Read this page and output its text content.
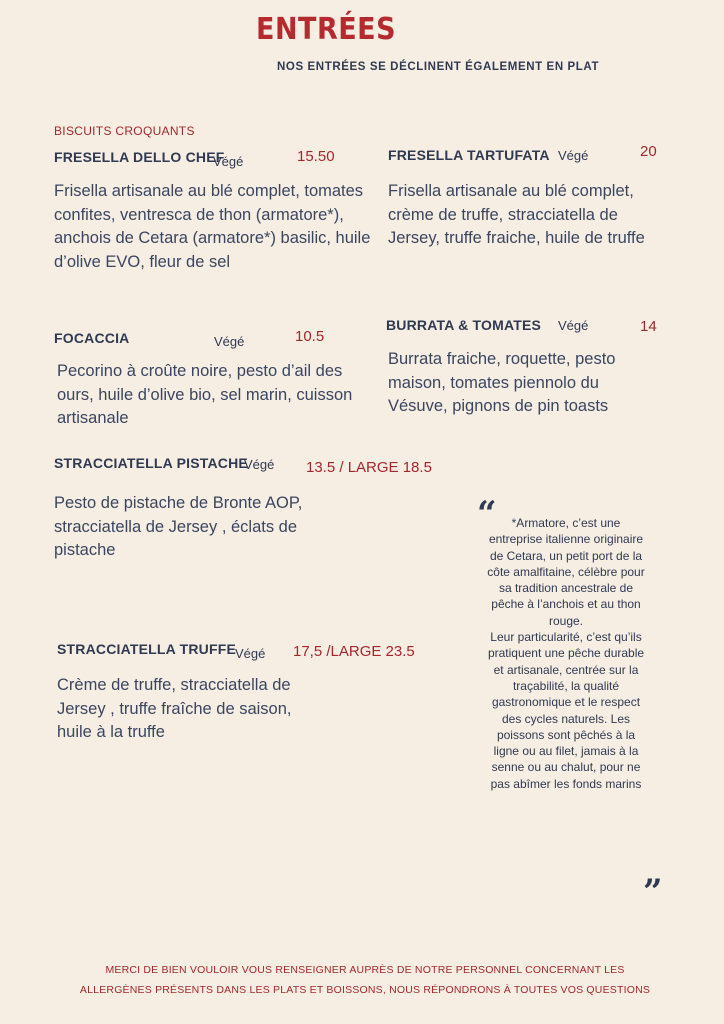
ENTRÉES
NOS ENTRÉES SE DÉCLINENT ÉGALEMENT EN PLAT
BISCUITS CROQUANTS
FRESELLA DELLO CHEF
Végé	15.50
Frisella artisanale au blé complet, tomates confites, ventresca de thon (armatore*), anchois de Cetara (armatore*) basilic, huile d’olive EVO, fleur de sel
FRESELLA TARTUFATA Végé	20
Frisella artisanale au blé complet, crème de truffe, stracciatella de Jersey, truffe fraiche, huile de truffe
FOCACCIA	Végé	10.5
Pecorino à croûte noire, pesto d’ail des ours, huile d’olive bio, sel marin, cuisson artisanale
BURRATA & TOMATES Végé	14
Burrata fraiche, roquette, pesto maison, tomates piennolo du Vésuve, pignons de pin toasts
STRACCIATELLA PISTACHE
Végé 13.5 / LARGE 18.5
Pesto de pistache de Bronte AOP, stracciatella de Jersey , éclats de pistache
STRACCIATELLA TRUFFE Végé 17,5 /LARGE 23.5
Crème de truffe, stracciatella de Jersey , truffe fraîche de saison, huile à la truffe
“	*Armatore, c’est une entreprise italienne originaire de Cetara, un petit port de la côte amalfitaine, célèbre pour sa tradition ancestrale de pêche à l’anchois et au thon rouge.
Leur particularité, c’est qu’ils pratiquent une pêche durable et artisanale, centrée sur la traçabilité, la qualité gastronomique et le respect des cycles naturels. Les poissons sont pêchés à la ligne ou au filet, jamais à la senne ou au chalut, pour ne pas abîmer les fonds marins
”
MERCI DE BIEN VOULOIR VOUS RENSEIGNER AUPRÈS DE NOTRE PERSONNEL CONCERNANT LES ALLERGÈNES PRÉSENTS DANS LES PLATS ET BOISSONS, NOUS RÉPONDRONS À TOUTES VOS QUESTIONS
